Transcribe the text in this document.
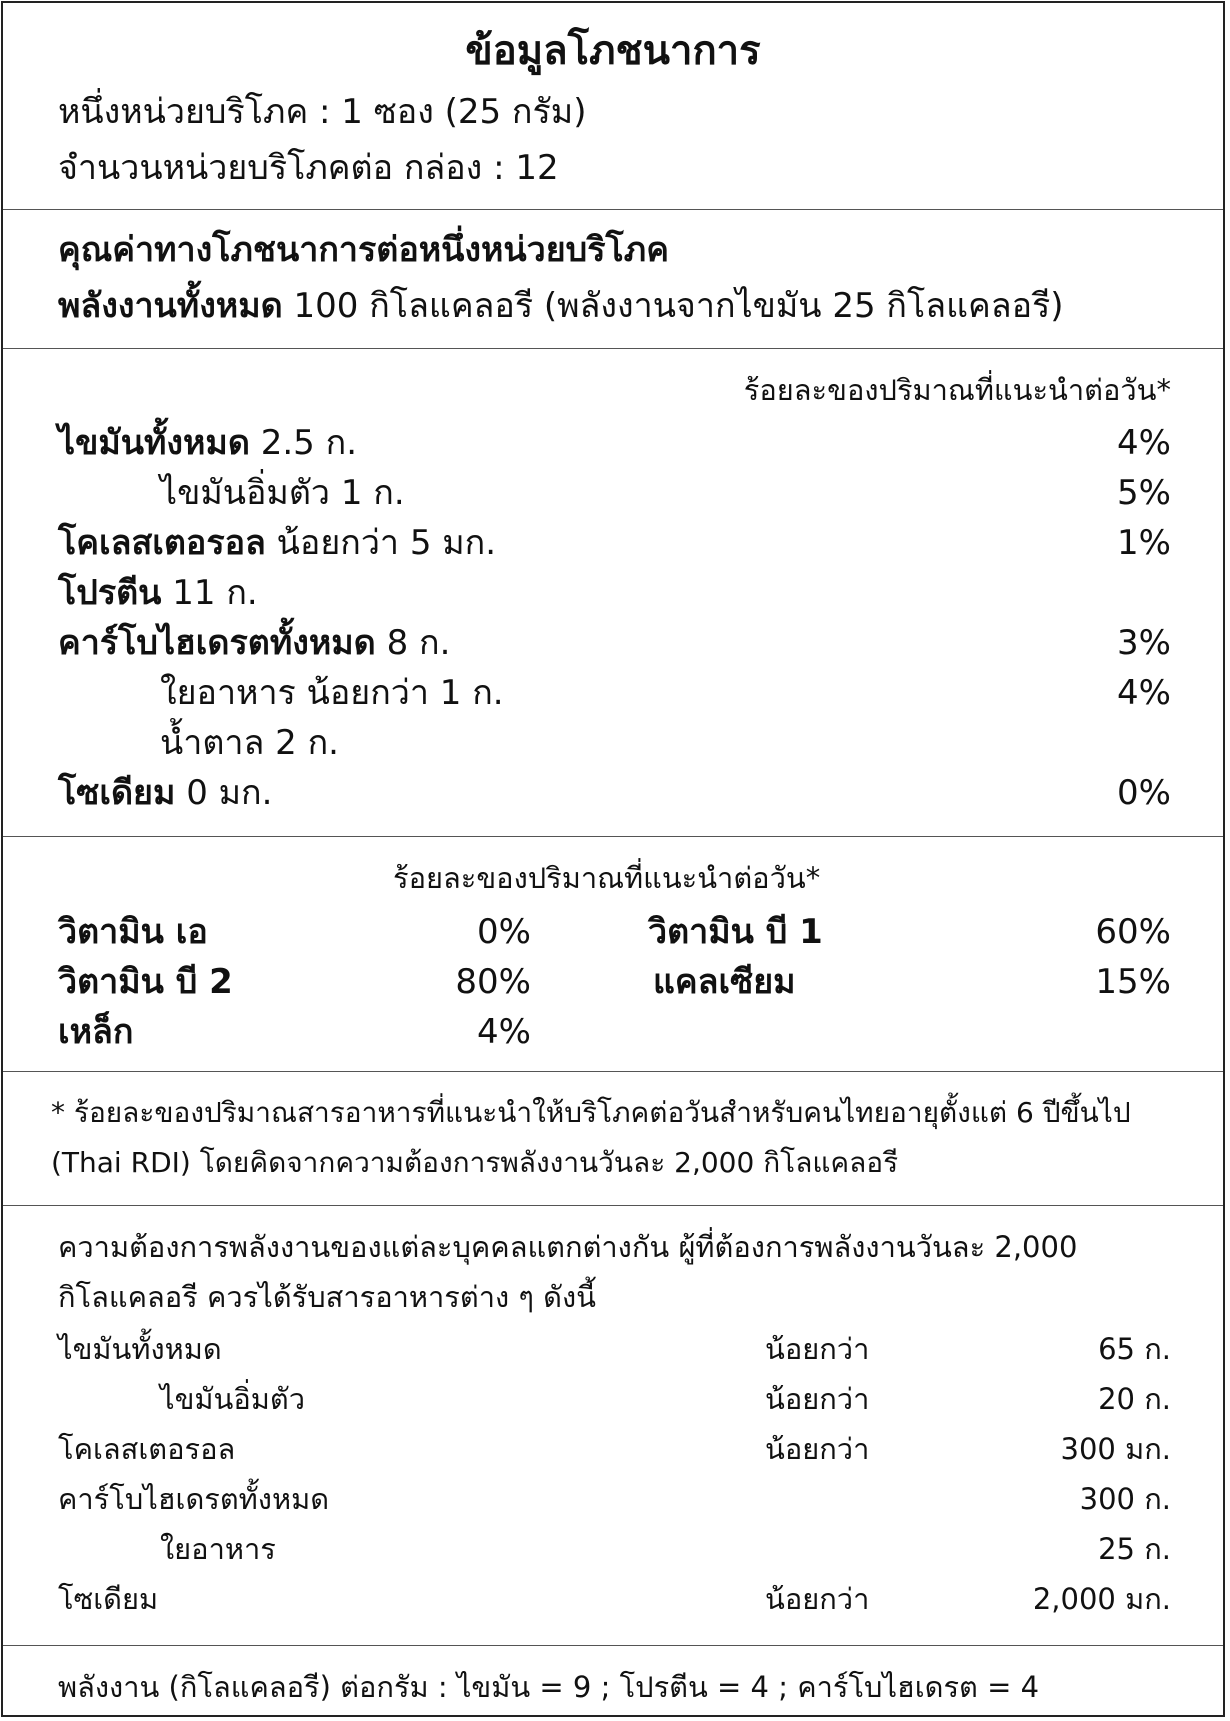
ข้อมูลโภชนาการ
หนึ่งหน่วยบริโภค : 1 ซอง (25 กรัม)
จำนวนหน่วยบริโภคต่อ กล่อง : 12
คุณค่าทางโภชนาการต่อหนึ่งหน่วยบริโภค
พลังงานทั้งหมด 100 กิโลแคลอรี (พลังงานจากไขมัน 25 กิโลแคลอรี)
ร้อยละของปริมาณที่แนะนำต่อวัน*
ไขมันทั้งหมด 2.5 ก.	4%
ไขมันอิ่มตัว 1 ก.	5%
โคเลสเตอรอล น้อยกว่า 5 มก.	1%
โปรตีน 11 ก.
คาร์โบไฮเดรตทั้งหมด 8 ก.	3%
ใยอาหาร น้อยกว่า 1 ก.	4%
น้ำตาล 2 ก.
โซเดียม 0 มก.	0%
ร้อยละของปริมาณที่แนะนำต่อวัน*
วิตามิน เอ	0%	วิตามิน บี 1	60%
วิตามิน บี 2	80%	แคลเซียม	15%
เหล็ก	4%
* ร้อยละของปริมาณสารอาหารที่แนะนำให้บริโภคต่อวันสำหรับคนไทยอายุตั้งแต่ 6 ปีขึ้นไป
(Thai RDI) โดยคิดจากความต้องการพลังงานวันละ 2,000 กิโลแคลอรี
ความต้องการพลังงานของแต่ละบุคคลแตกต่างกัน ผู้ที่ต้องการพลังงานวันละ 2,000
กิโลแคลอรี ควรได้รับสารอาหารต่าง ๆ ดังนี้
ไขมันทั้งหมด	น้อยกว่า	65 ก.
ไขมันอิ่มตัว	น้อยกว่า	20 ก.
โคเลสเตอรอล	น้อยกว่า	300 มก.
คาร์โบไฮเดรตทั้งหมด	300 ก.
ใยอาหาร	25 ก.
โซเดียม	น้อยกว่า	2,000 มก.
พลังงาน (กิโลแคลอรี) ต่อกรัม : ไขมัน = 9 ; โปรตีน = 4 ; คาร์โบไฮเดรต = 4
